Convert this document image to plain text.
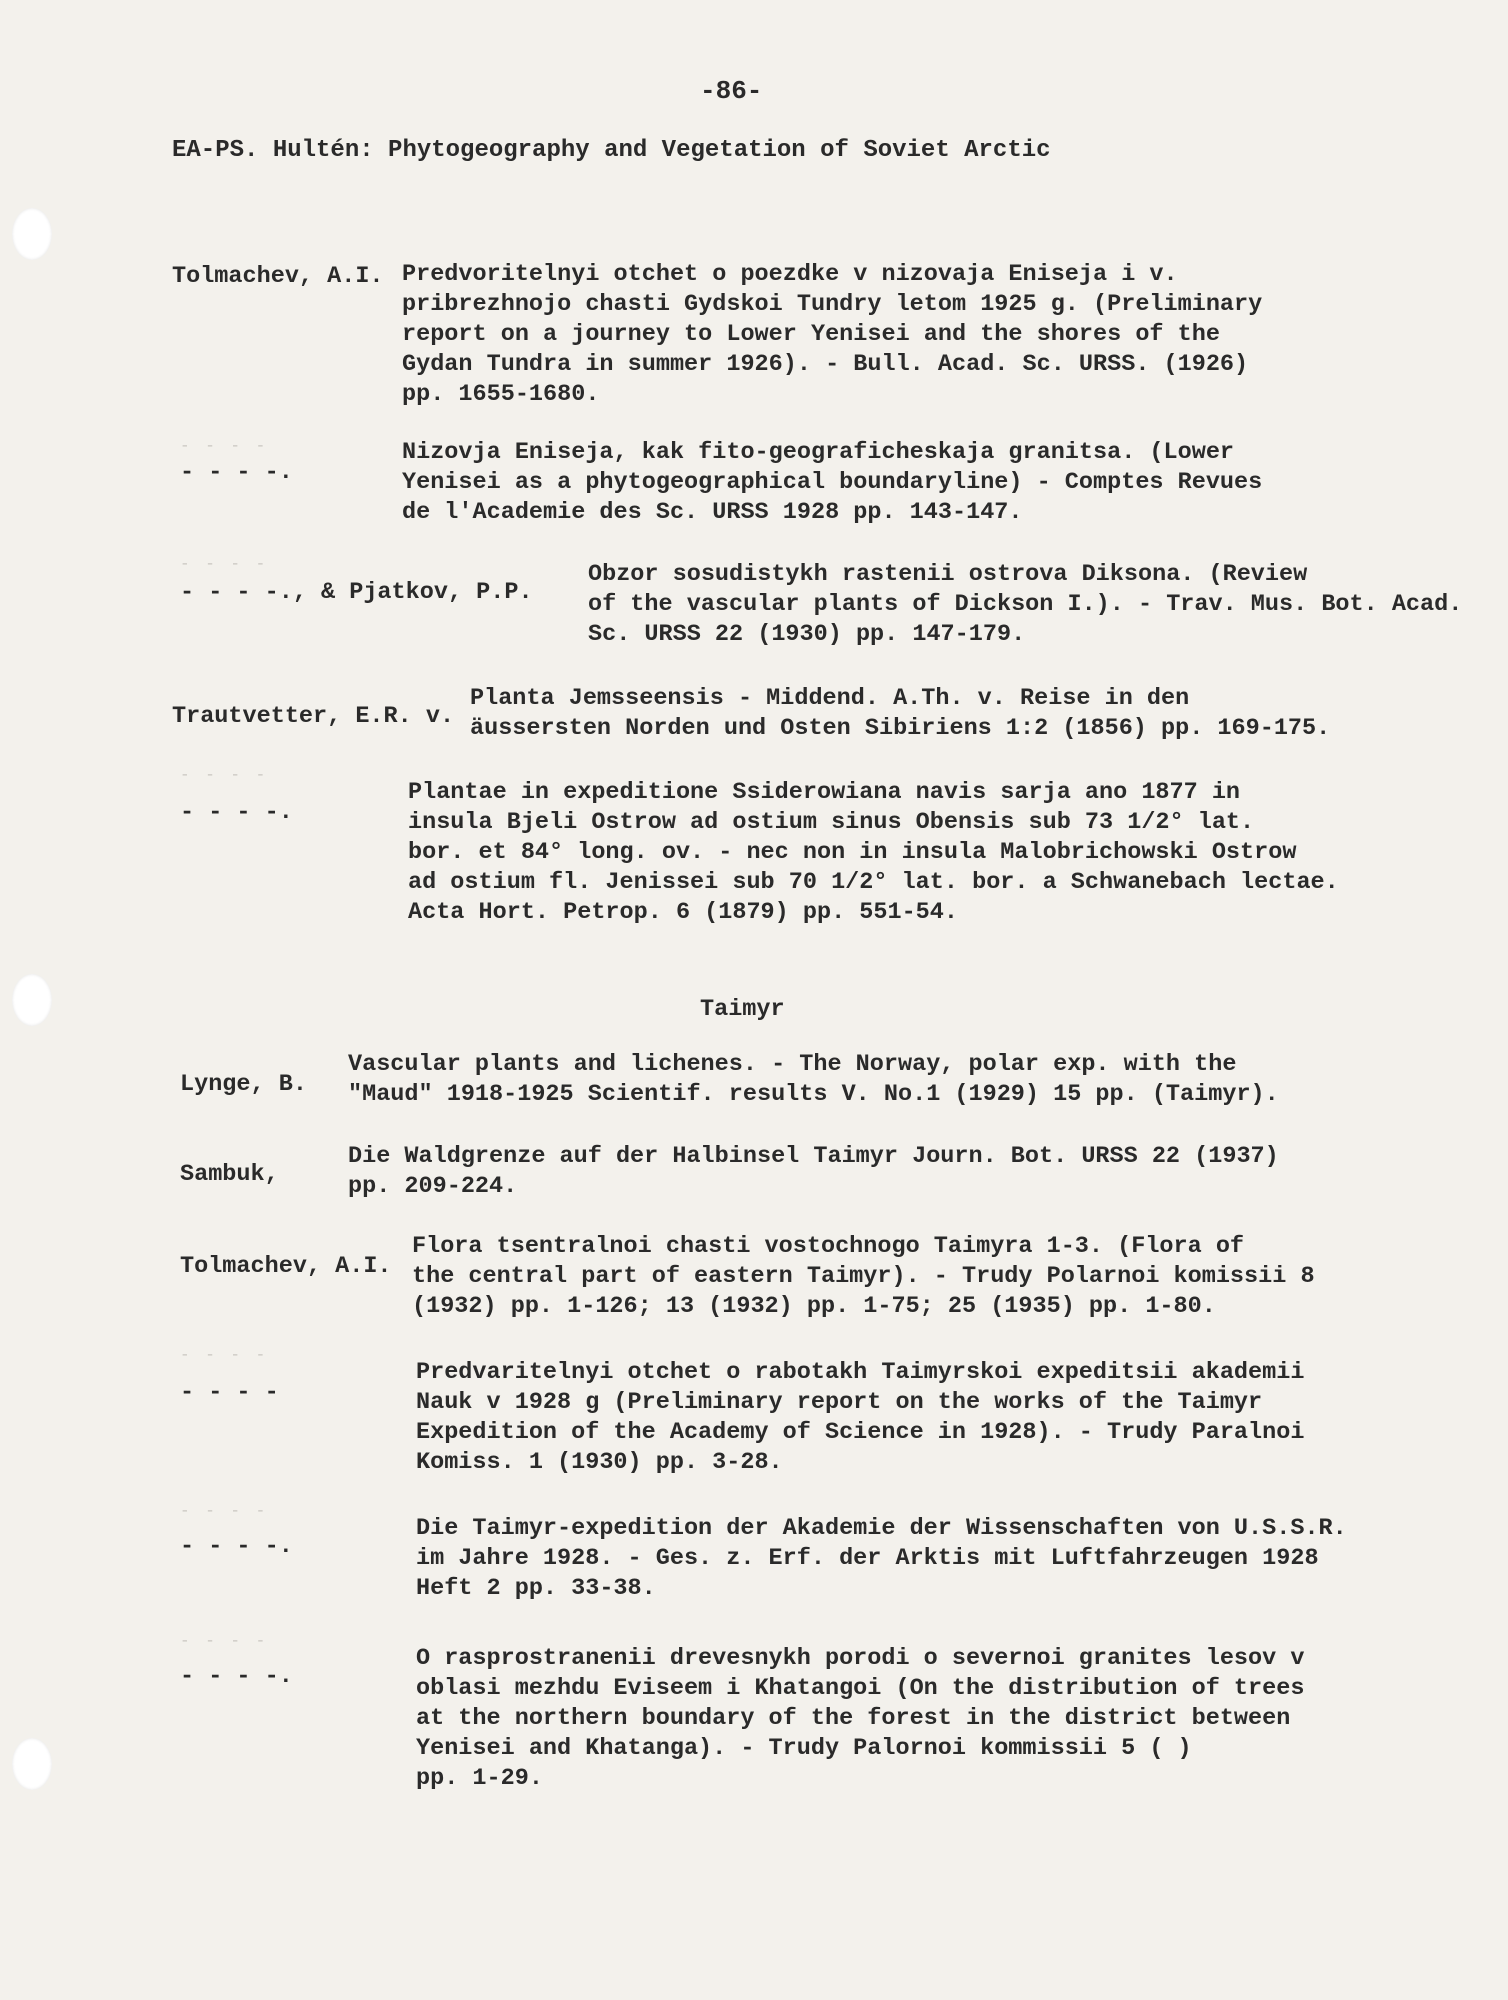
-86-
EA-PS. Hultén: Phytogeography and Vegetation of Soviet Arctic
- - - -
- - - -
- - - -
- - - -
- - - -
- - - -
Tolmachev, A.I. Predvoritelnyi otchet o poezdke v nizovaja Eniseja i v.
pribrezhnojo chasti Gydskoi Tundry letom 1925 g. (Preliminary
report on a journey to Lower Yenisei and the shores of the
Gydan Tundra in summer 1926). - Bull. Acad. Sc. URSS. (1926)
pp. 1655-1680.
- - - -.
Nizovja Eniseja, kak fito-geograficheskaja granitsa. (Lower
Yenisei as a phytogeographical boundaryline) - Comptes Revues
de l'Academie des Sc. URSS 1928 pp. 143-147.
- - - -., & Pjatkov, P.P.
Obzor sosudistykh rastenii ostrova Diksona. (Review
of the vascular plants of Dickson I.). - Trav. Mus. Bot. Acad.
Sc. URSS 22 (1930) pp. 147-179.
Trautvetter, E.R. v.
Planta Jemsseensis - Middend. A.Th. v. Reise in den
äussersten Norden und Osten Sibiriens 1:2 (1856) pp. 169-175.
- - - -.
Plantae in expeditione Ssiderowiana navis sarja ano 1877 in
insula Bjeli Ostrow ad ostium sinus Obensis sub 73 1/2° lat.
bor. et 84° long. ov. - nec non in insula Malobrichowski Ostrow
ad ostium fl. Jenissei sub 70 1/2° lat. bor. a Schwanebach lectae.
Acta Hort. Petrop. 6 (1879) pp. 551-54.
Taimyr
Lynge, B.
Vascular plants and lichenes. - The Norway, polar exp. with the
"Maud" 1918-1925 Scientif. results V. No.1 (1929) 15 pp. (Taimyr).
Sambuk,
Die Waldgrenze auf der Halbinsel Taimyr Journ. Bot. URSS 22 (1937)
pp. 209-224.
Tolmachev, A.I.
Flora tsentralnoi chasti vostochnogo Taimyra 1-3. (Flora of
the central part of eastern Taimyr). - Trudy Polarnoi komissii 8
(1932) pp. 1-126; 13 (1932) pp. 1-75; 25 (1935) pp. 1-80.
- - - -
Predvaritelnyi otchet o rabotakh Taimyrskoi expeditsii akademii
Nauk v 1928 g (Preliminary report on the works of the Taimyr
Expedition of the Academy of Science in 1928). - Trudy Paralnoi
Komiss. 1 (1930) pp. 3-28.
- - - -.
Die Taimyr-expedition der Akademie der Wissenschaften von U.S.S.R.
im Jahre 1928. - Ges. z. Erf. der Arktis mit Luftfahrzeugen 1928
Heft 2 pp. 33-38.
- - - -.
O rasprostranenii drevesnykh porodi o severnoi granites lesov v
oblasi mezhdu Eviseem i Khatangoi (On the distribution of trees
at the northern boundary of the forest in the district between
Yenisei and Khatanga). - Trudy Palornoi kommissii 5 ( )
pp. 1-29.
